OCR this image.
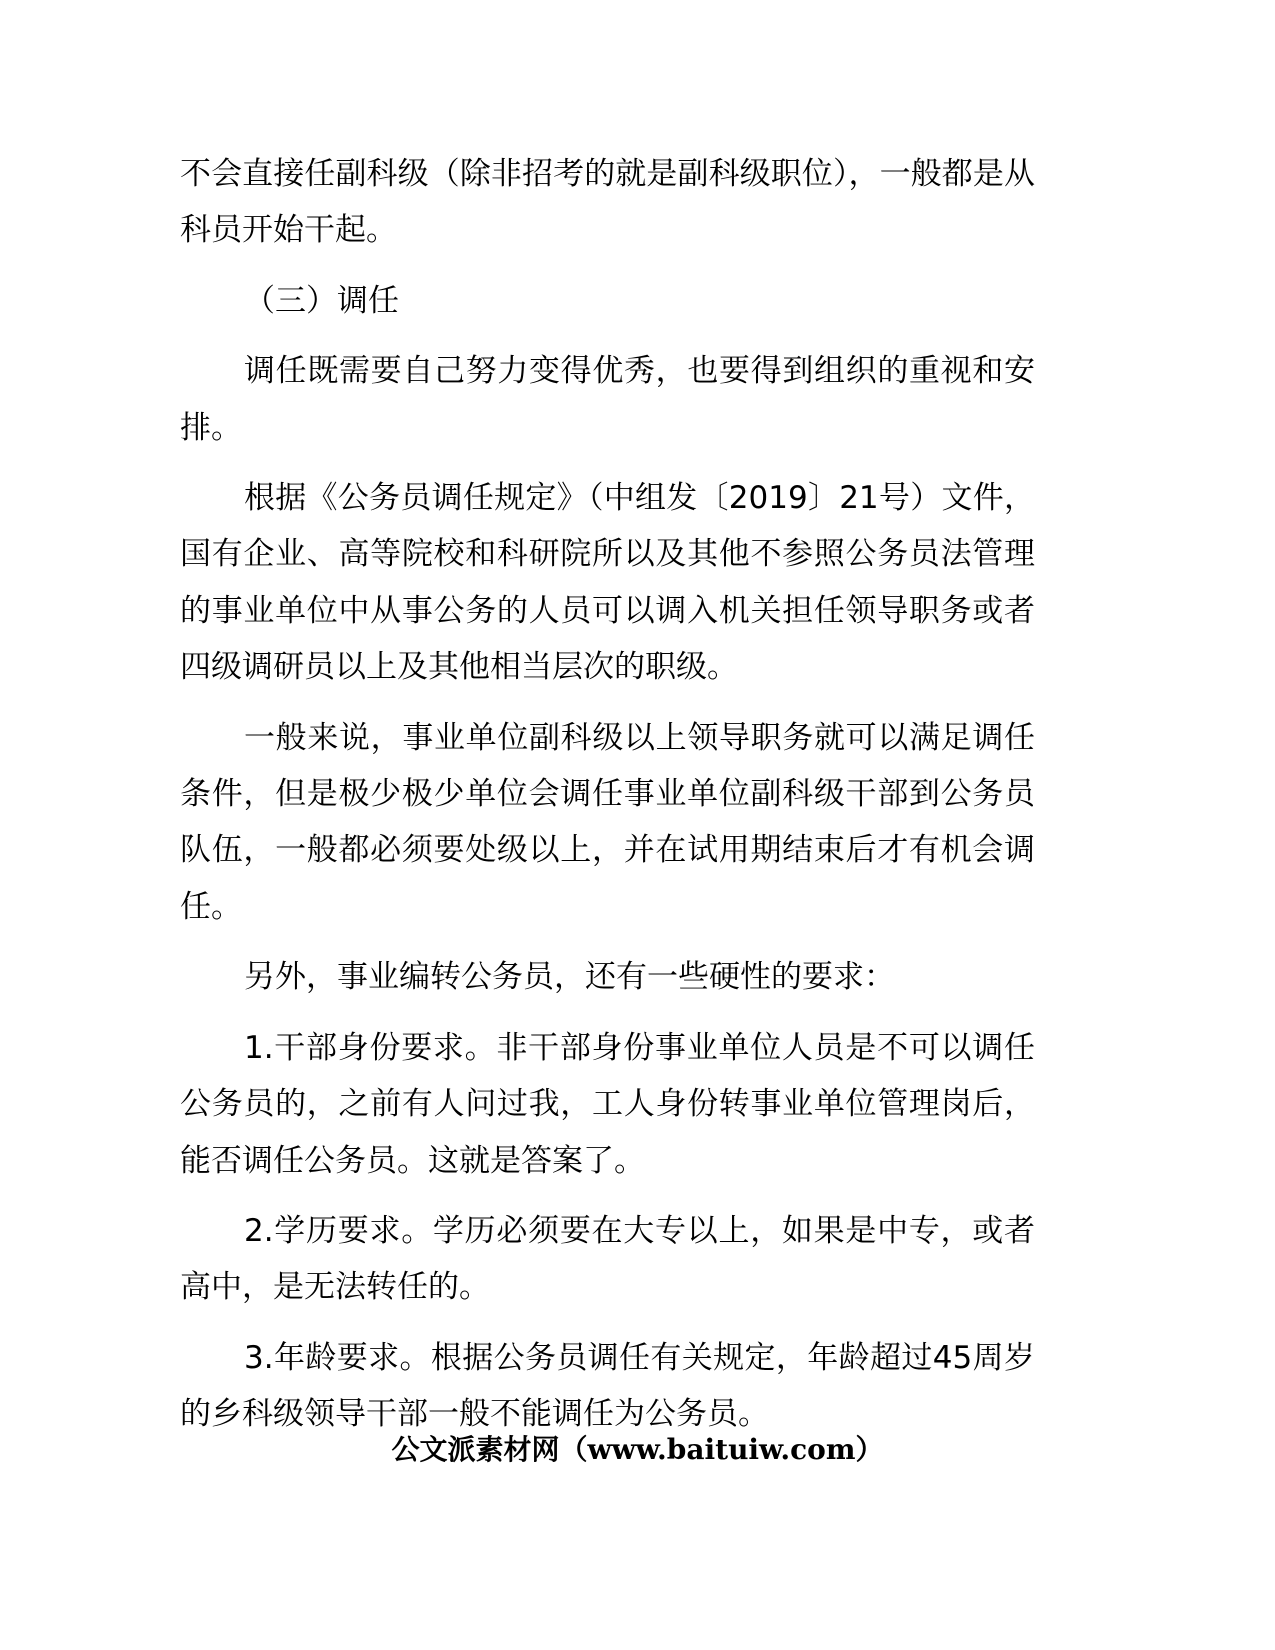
不会直接任副科级（除非招考的就是副科级职位），一般都是从科员开始干起。

（三）调任

调任既需要自己努力变得优秀，也要得到组织的重视和安排。

根据《公务员调任规定》（中组发〔2019〕21号）文件，国有企业、高等院校和科研院所以及其他不参照公务员法管理的事业单位中从事公务的人员可以调入机关担任领导职务或者四级调研员以上及其他相当层次的职级。

一般来说，事业单位副科级以上领导职务就可以满足调任条件，但是极少极少单位会调任事业单位副科级干部到公务员队伍，一般都必须要处级以上，并在试用期结束后才有机会调任。

另外，事业编转公务员，还有一些硬性的要求：

1.干部身份要求。非干部身份事业单位人员是不可以调任公务员的，之前有人问过我，工人身份转事业单位管理岗后，能否调任公务员。这就是答案了。

2.学历要求。学历必须要在大专以上，如果是中专，或者高中，是无法转任的。

3.年龄要求。根据公务员调任有关规定，年龄超过45周岁的乡科级领导干部一般不能调任为公务员。

公文派素材网（www.baituiw.com）
